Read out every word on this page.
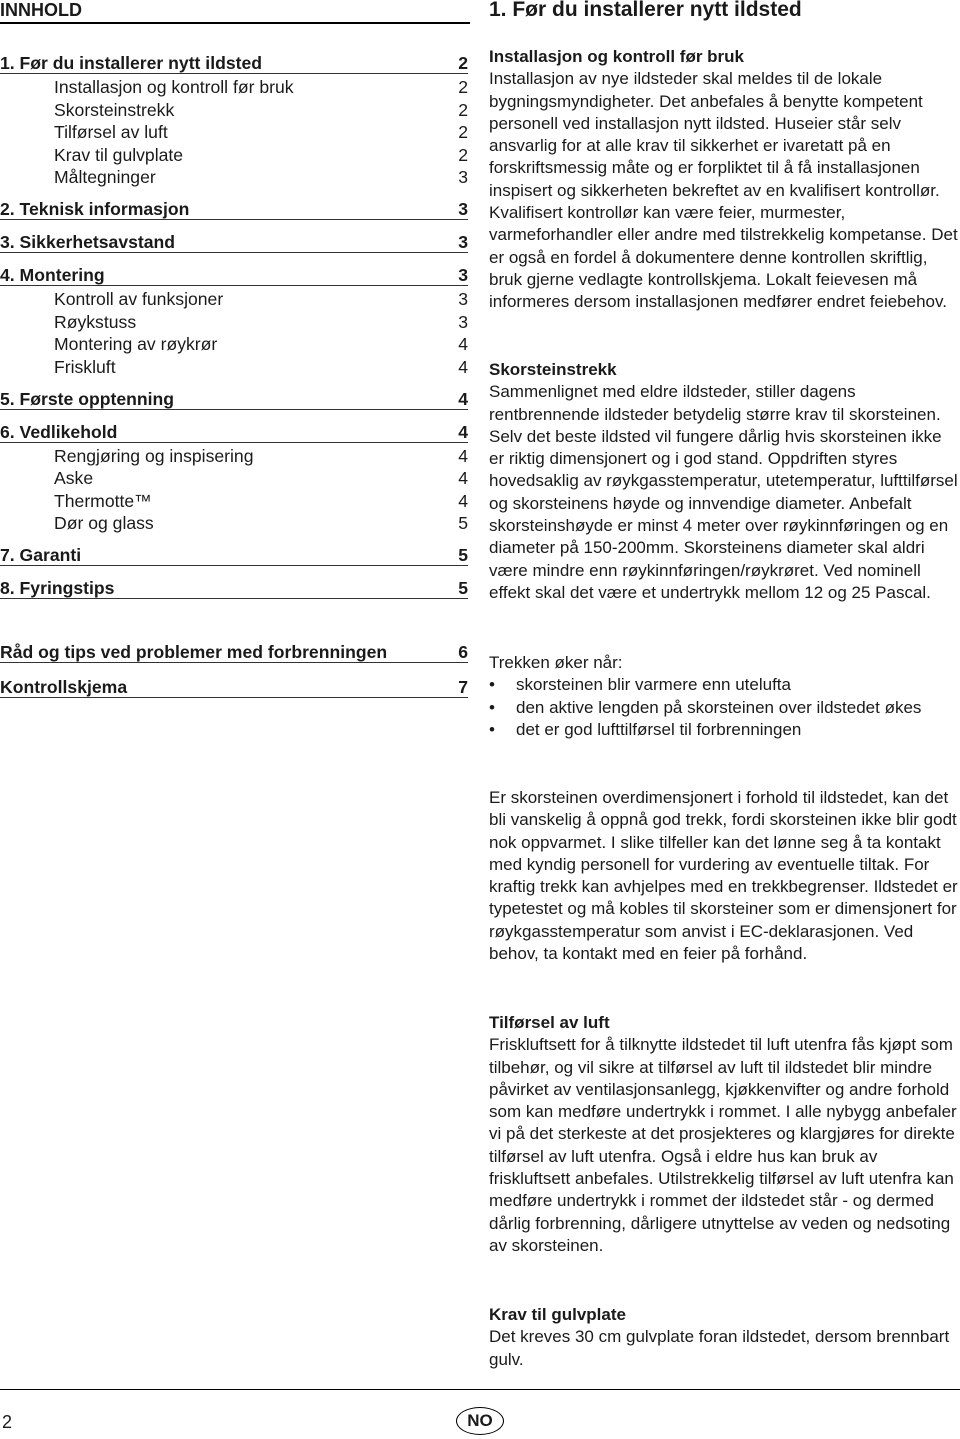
INNHOLD
1. Før du installerer nytt ildsted	2
Installasjon og kontroll før bruk	2
Skorsteinstrekk	2
Tilførsel av luft	2
Krav til gulvplate	2
Måltegninger	3
2. Teknisk informasjon	3
3. Sikkerhetsavstand	3
4. Montering	3
Kontroll av funksjoner	3
Røykstuss	3
Montering av røykrør	4
Friskluft	4
5. Første opptenning	4
6. Vedlikehold	4
Rengjøring og inspisering	4
Aske	4
Thermotte™	4
Dør og glass	5
7. Garanti	5
8. Fyringstips	5
Råd og tips ved problemer med forbrenningen	6
Kontrollskjema	7
1. Før du installerer nytt ildsted
Installasjon og kontroll før bruk

Installasjon av nye ildsteder skal meldes til de lokale bygningsmyndigheter. Det anbefales å benytte kompetent personell ved installasjon nytt ildsted. Huseier står selv ansvarlig for at alle krav til sikkerhet er ivaretatt på en forskriftsmessig måte og er forpliktet til å få installasjonen inspisert og sikkerheten bekreftet av en kvalifisert kontrollør. Kvalifisert kontrollør kan være feier, murmester, varmeforhandler eller andre med tilstrekkelig kompetanse. Det er også en fordel å dokumentere denne kontrollen skriftlig, bruk gjerne vedlagte kontrollskjema. Lokalt feievesen må informeres dersom installasjonen medfører endret feiebehov.

Skorsteinstrekk

Sammenlignet med eldre ildsteder, stiller dagens rentbrennende ildsteder betydelig større krav til skorsteinen. Selv det beste ildsted vil fungere dårlig hvis skorsteinen ikke er riktig dimensjonert og i god stand. Oppdriften styres hovedsaklig av røykgasstemperatur, utetemperatur, lufttilførsel og skorsteinens høyde og innvendige diameter. Anbefalt skorsteinshøyde er minst 4 meter over røykinnføringen og en diameter på 150-200mm. Skorsteinens diameter skal aldri være mindre enn røykinnføringen/røykrøret. Ved nominell effekt skal det være et undertrykk mellom 12 og 25 Pascal.

Trekken øker når:

• skorsteinen blir varmere enn utelufta
• den aktive lengden på skorsteinen over ildstedet økes
• det er god lufttilførsel til forbrenningen

Er skorsteinen overdimensjonert i forhold til ildstedet, kan det bli vanskelig å oppnå god trekk, fordi skorsteinen ikke blir godt nok oppvarmet. I slike tilfeller kan det lønne seg å ta kontakt med kyndig personell for vurdering av eventuelle tiltak. For kraftig trekk kan avhjelpes med en trekkbegrenser. Ildstedet er typetestet og må kobles til skorsteiner som er dimensjonert for røykgasstemperatur som anvist i EC-deklarasjonen. Ved behov, ta kontakt med en feier på forhånd.

Tilførsel av luft

Friskluftsett for å tilknytte ildstedet til luft utenfra fås kjøpt som tilbehør, og vil sikre at tilførsel av luft til ildstedet blir mindre påvirket av ventilasjonsanlegg, kjøkkenvifter og andre forhold som kan medføre undertrykk i rommet. I alle nybygg anbefaler vi på det sterkeste at det prosjekteres og klargjøres for direkte tilførsel av luft utenfra. Også i eldre hus kan bruk av friskluftsett anbefales. Utilstrekkelig tilførsel av luft utenfra kan medføre undertrykk i rommet der ildstedet står - og dermed dårlig forbrenning, dårligere utnyttelse av veden og nedsoting av skorsteinen.

Krav til gulvplate

Det kreves 30 cm gulvplate foran ildstedet, dersom brennbart gulv.

2	NO
